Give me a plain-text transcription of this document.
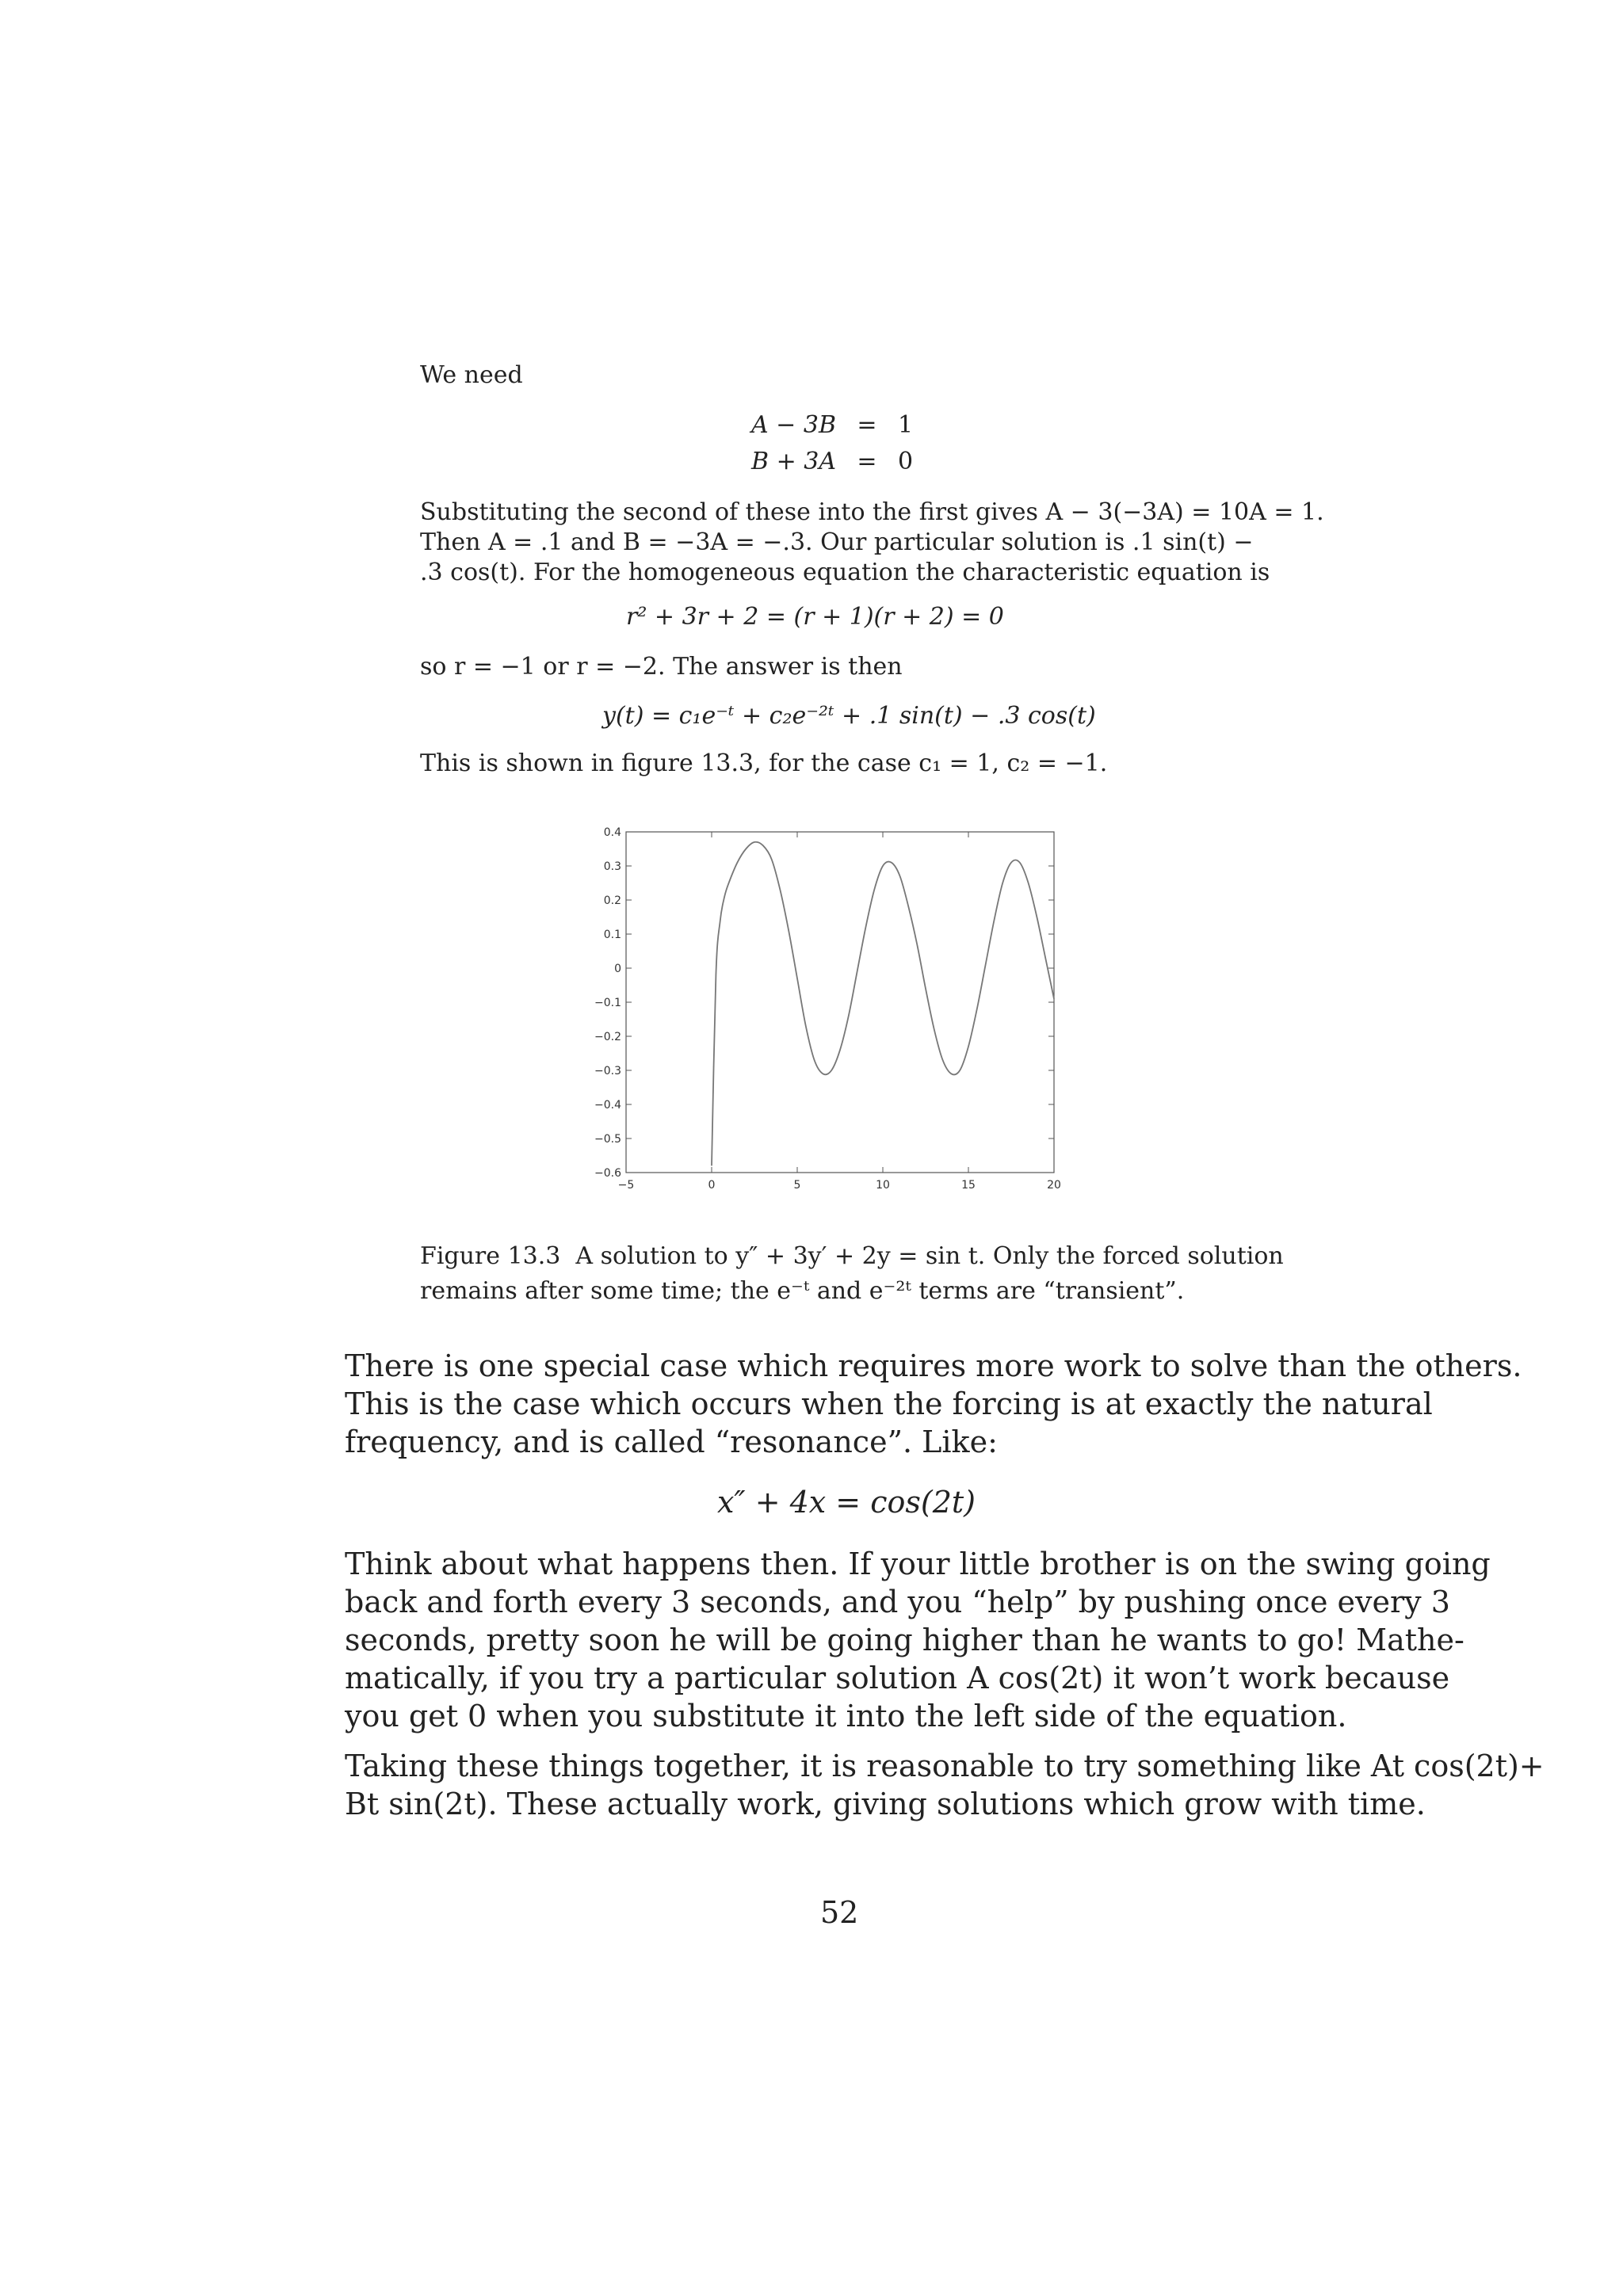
We need
A − 3B = 1
B + 3A = 0
Substituting the second of these into the first gives A − 3(−3A) = 10A = 1.
Then A = .1 and B = −3A = −.3. Our particular solution is .1 sin(t) −
.3 cos(t). For the homogeneous equation the characteristic equation is
r² + 3r + 2 = (r + 1)(r + 2) = 0
so r = −1 or r = −2. The answer is then
y(t) = c₁e⁻ᵗ + c₂e⁻²ᵗ + .1 sin(t) − .3 cos(t)
This is shown in figure 13.3, for the case c₁ = 1, c₂ = −1.
0.4
0.3
0.2
0.1
0
−0.1
−0.2
−0.3
−0.4
−0.5
−0.6
−5	0	5	10	15	20
Figure 13.3  A solution to y″ + 3y′ + 2y = sin t. Only the forced solution
remains after some time; the e⁻ᵗ and e⁻²ᵗ terms are “transient”.
There is one special case which requires more work to solve than the others.
This is the case which occurs when the forcing is at exactly the natural
frequency, and is called “resonance”. Like:
x″ + 4x = cos(2t)
Think about what happens then. If your little brother is on the swing going
back and forth every 3 seconds, and you “help” by pushing once every 3
seconds, pretty soon he will be going higher than he wants to go! Mathe-
matically, if you try a particular solution A cos(2t) it won’t work because
you get 0 when you substitute it into the left side of the equation.
Taking these things together, it is reasonable to try something like At cos(2t)+
Bt sin(2t). These actually work, giving solutions which grow with time.
52
